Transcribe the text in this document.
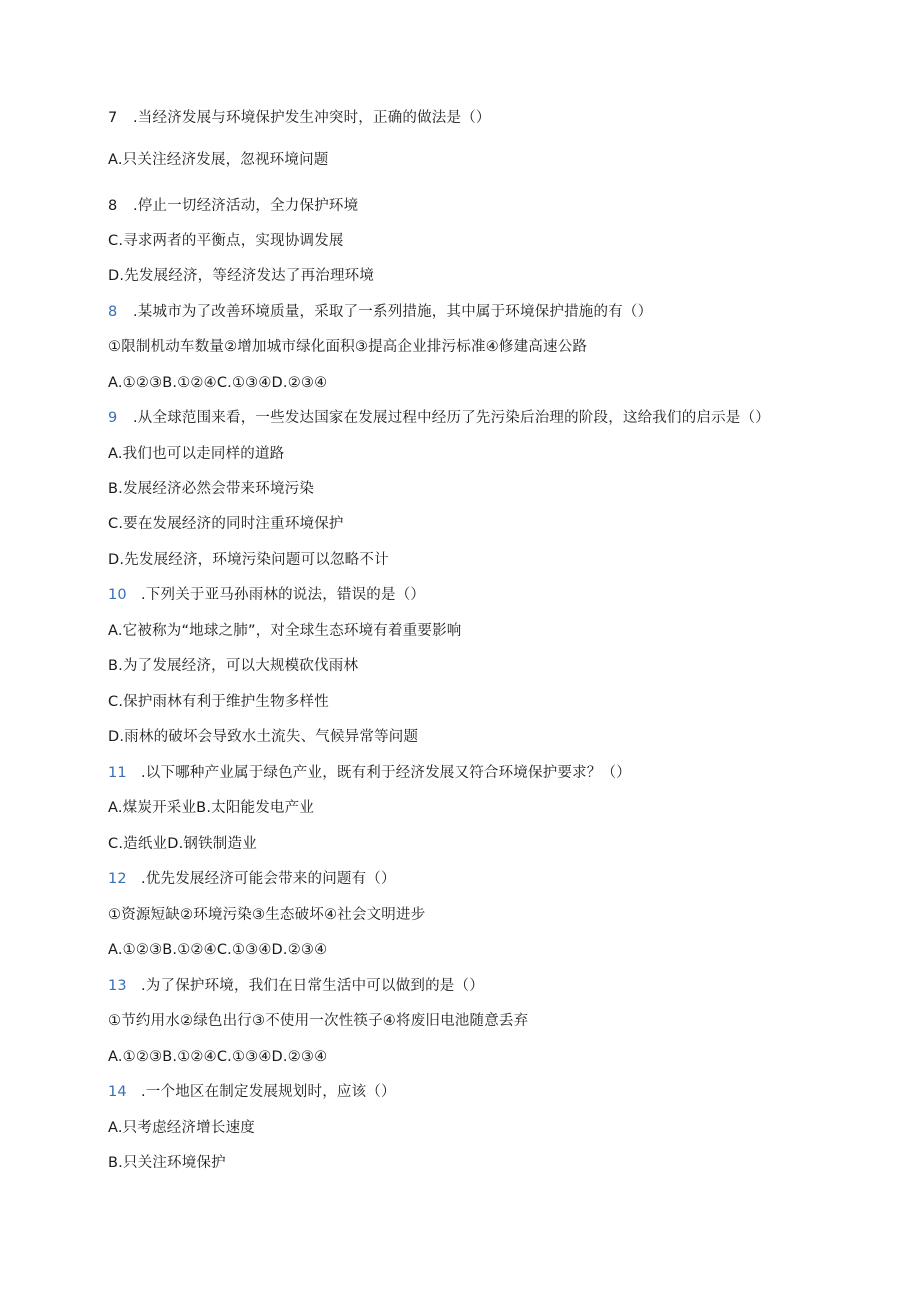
7 .当经济发展与环境保护发生冲突时，正确的做法是（）
A.只关注经济发展，忽视环境问题
8 .停止一切经济活动，全力保护环境
C.寻求两者的平衡点，实现协调发展
D.先发展经济，等经济发达了再治理环境
8 .某城市为了改善环境质量，采取了一系列措施，其中属于环境保护措施的有（）
①限制机动车数量②增加城市绿化面积③提高企业排污标准④修建高速公路
A.①②③B.①②④C.①③④D.②③④
9 .从全球范围来看，一些发达国家在发展过程中经历了先污染后治理的阶段，这给我们的启示是（）
A.我们也可以走同样的道路
B.发展经济必然会带来环境污染
C.要在发展经济的同时注重环境保护
D.先发展经济，环境污染问题可以忽略不计
10 .下列关于亚马孙雨林的说法，错误的是（）
A.它被称为“地球之肺”，对全球生态环境有着重要影响
B.为了发展经济，可以大规模砍伐雨林
C.保护雨林有利于维护生物多样性
D.雨林的破坏会导致水土流失、气候异常等问题
11 .以下哪种产业属于绿色产业，既有利于经济发展又符合环境保护要求？（）
A.煤炭开采业B.太阳能发电产业
C.造纸业D.钢铁制造业
12 .优先发展经济可能会带来的问题有（）
①资源短缺②环境污染③生态破坏④社会文明进步
A.①②③B.①②④C.①③④D.②③④
13 .为了保护环境，我们在日常生活中可以做到的是（）
①节约用水②绿色出行③不使用一次性筷子④将废旧电池随意丢弃
A.①②③B.①②④C.①③④D.②③④
14 .一个地区在制定发展规划时，应该（）
A.只考虑经济增长速度
B.只关注环境保护
